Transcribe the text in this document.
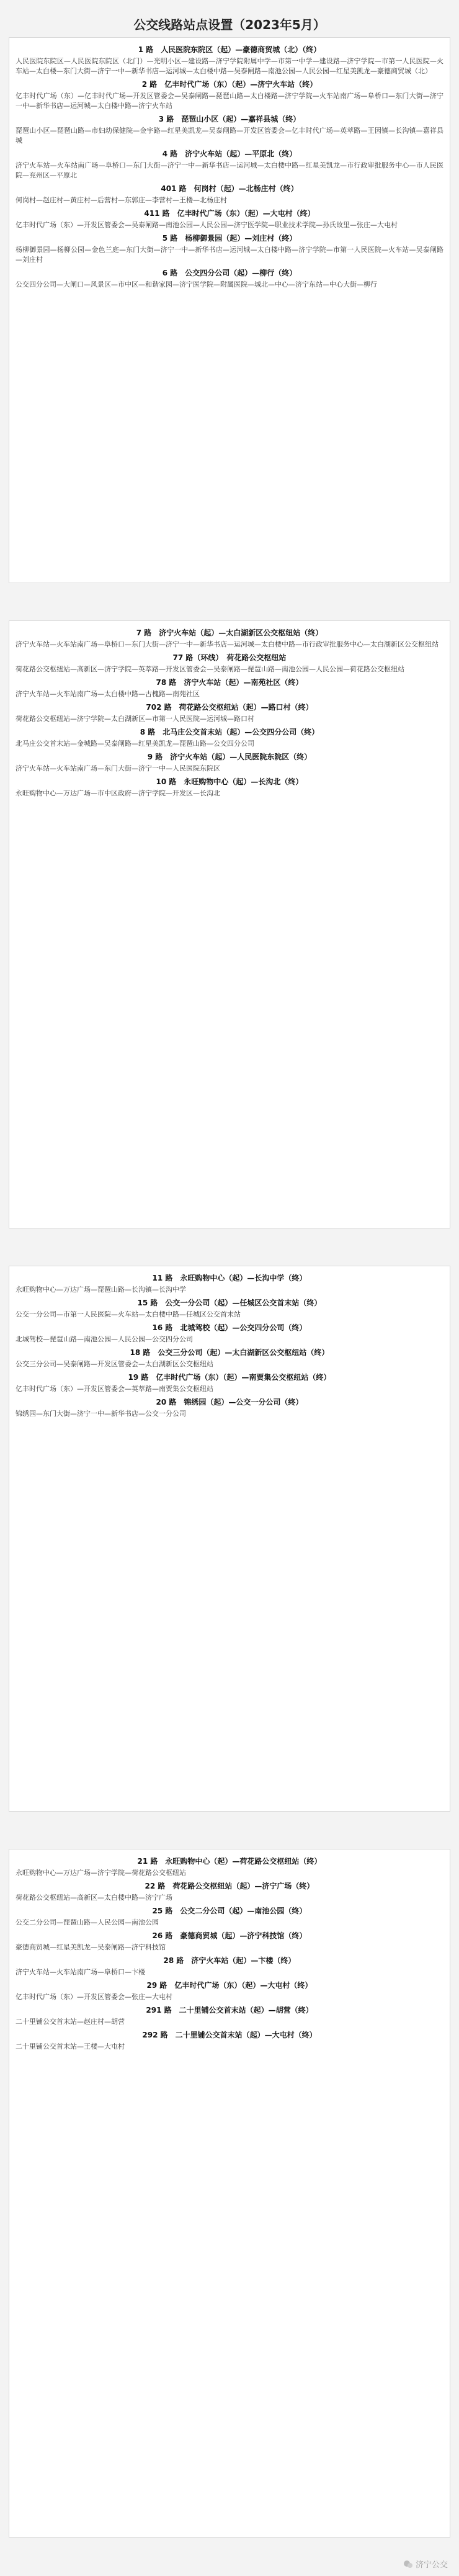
公交线路站点设置（2023年5月）
1 路　人民医院东院区（起）—豪德商贸城（北）（终）
人民医院东院区—人民医院东院区（北门）—光明小区—建设路—济宁学院附属中学—市第一中学—建设路—济宁学院—市第一人民医院—火车站—太白楼—东门大街—济宁一中—新华书店—运河城—太白楼中路—吴泰闸路—南池公园—人民公园—红星美凯龙—豪德商贸城（北）
2 路　亿丰时代广场（东）（起）—济宁火车站（终）
亿丰时代广场（东）—亿丰时代广场—开发区管委会—吴泰闸路—琵琶山路—太白楼路—济宁学院—火车站南广场—阜桥口—东门大街—济宁一中—新华书店—运河城—太白楼中路—济宁火车站
3 路　琵琶山小区（起）—嘉祥县城（终）
琵琶山小区—琵琶山路—市妇幼保健院—金宇路—红星美凯龙—吴泰闸路—开发区管委会—亿丰时代广场—英萃路—王因镇—长沟镇—嘉祥县城
4 路　济宁火车站（起）—平原北（终）
济宁火车站—火车站南广场—阜桥口—东门大街—济宁一中—新华书店—运河城—太白楼中路—红星美凯龙—市行政审批服务中心—市人民医院—兖州区—平原北
401 路　何岗村（起）—北杨庄村（终）
何岗村—赵庄村—黄庄村—后营村—东郭庄—李营村—王楼—北杨庄村
411 路　亿丰时代广场（东）（起）—大屯村（终）
亿丰时代广场（东）—开发区管委会—吴泰闸路—南池公园—人民公园—济宁医学院—职业技术学院—孙氏故里—张庄—大屯村
5 路　杨柳御景园（起）—刘庄村（终）
杨柳御景园—杨柳公园—金色兰庭—东门大街—济宁一中—新华书店—运河城—太白楼中路—济宁学院—市第一人民医院—火车站—吴泰闸路—刘庄村
6 路　公交四分公司（起）—柳行（终）
公交四分公司—大闸口—风景区—市中区—和谐家园—济宁医学院—附属医院—城北—中心—济宁东站—中心大街—柳行
7 路　济宁火车站（起）—太白湖新区公交枢纽站（终）
济宁火车站—火车站南广场—阜桥口—东门大街—济宁一中—新华书店—运河城—太白楼中路—市行政审批服务中心—太白湖新区公交枢纽站
77 路（环线）　荷花路公交枢纽站
荷花路公交枢纽站—高新区—济宁学院—英萃路—开发区管委会—吴泰闸路—琵琶山路—南池公园—人民公园—荷花路公交枢纽站
78 路　济宁火车站（起）—南苑社区（终）
济宁火车站—火车站南广场—太白楼中路—古槐路—南苑社区
702 路　荷花路公交枢纽站（起）—路口村（终）
荷花路公交枢纽站—济宁学院—太白湖新区—市第一人民医院—运河城—路口村
8 路　北马庄公交首末站（起）—公交四分公司（终）
北马庄公交首末站—金城路—吴泰闸路—红星美凯龙—琵琶山路—公交四分公司
9 路　济宁火车站（起）—人民医院东院区（终）
济宁火车站—火车站南广场—东门大街—济宁一中—人民医院东院区
10 路　永旺购物中心（起）—长沟北（终）
永旺购物中心—万达广场—市中区政府—济宁学院—开发区—长沟北
11 路　永旺购物中心（起）—长沟中学（终）
永旺购物中心—万达广场—琵琶山路—长沟镇—长沟中学
15 路　公交一分公司（起）—任城区公交首末站（终）
公交一分公司—市第一人民医院—火车站—太白楼中路—任城区公交首末站
16 路　北城驾校（起）—公交四分公司（终）
北城驾校—琵琶山路—南池公园—人民公园—公交四分公司
18 路　公交三分公司（起）—太白湖新区公交枢纽站（终）
公交三分公司—吴泰闸路—开发区管委会—太白湖新区公交枢纽站
19 路　亿丰时代广场（东）（起）—南贾集公交枢纽站（终）
亿丰时代广场（东）—开发区管委会—英萃路—南贾集公交枢纽站
20 路　锦绣园（起）—公交一分公司（终）
锦绣园—东门大街—济宁一中—新华书店—公交一分公司
21 路　永旺购物中心（起）—荷花路公交枢纽站（终）
永旺购物中心—万达广场—济宁学院—荷花路公交枢纽站
22 路　荷花路公交枢纽站（起）—济宁广场（终）
荷花路公交枢纽站—高新区—太白楼中路—济宁广场
25 路　公交二分公司（起）—南池公园（终）
公交二分公司—琵琶山路—人民公园—南池公园
26 路　豪德商贸城（起）—济宁科技馆（终）
豪德商贸城—红星美凯龙—吴泰闸路—济宁科技馆
28 路　济宁火车站（起）—卞楼（终）
济宁火车站—火车站南广场—阜桥口—卞楼
29 路　亿丰时代广场（东）（起）—大屯村（终）
亿丰时代广场（东）—开发区管委会—张庄—大屯村
291 路　二十里铺公交首末站（起）—胡营（终）
二十里铺公交首末站—赵庄村—胡营
292 路　二十里铺公交首末站（起）—大屯村（终）
二十里铺公交首末站—王楼—大屯村
济宁公交
